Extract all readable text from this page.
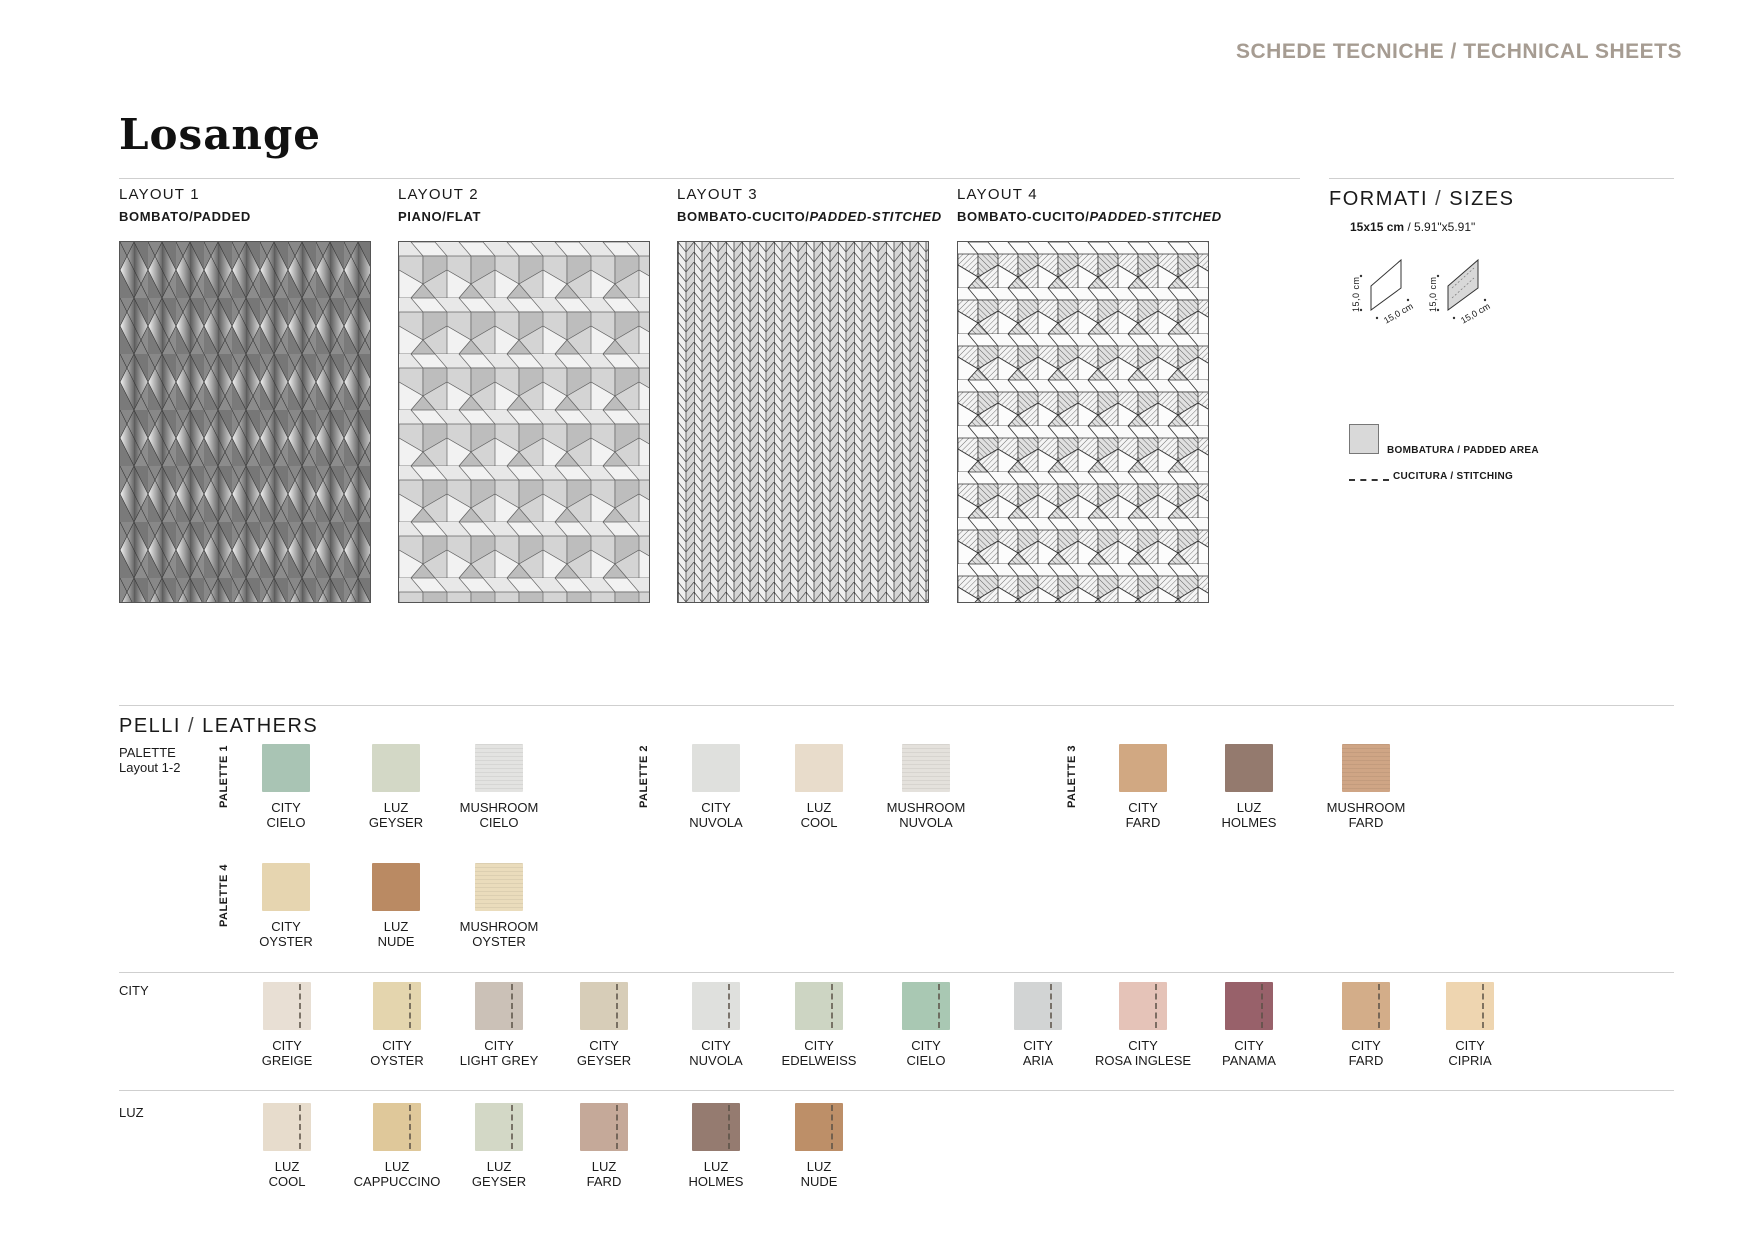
SCHEDE TECNICHE / TECHNICAL SHEETS
Losange
LAYOUT 1
BOMBATO/PADDED
LAYOUT 2
PIANO/FLAT
LAYOUT 3
BOMBATO-CUCITO/PADDED-STITCHED
LAYOUT 4
BOMBATO-CUCITO/PADDED-STITCHED
FORMATI / SIZES
15x15 cm / 5.91"x5.91"
15,0 cm
15,0 cm
15,0 cm
15,0 cm
BOMBATURA / PADDED AREA
CUCITURA / STITCHING
PELLI / LEATHERS
PALETTE
Layout 1-2	PALETTE 1	PALETTE 2	PALETTE 3
PALETTE 4
CITY
CIELO
LUZ
GEYSER
MUSHROOM
CIELO
CITY
NUVOLA
LUZ
COOL
MUSHROOM
NUVOLA
CITY
FARD
LUZ
HOLMES
MUSHROOM
FARD
CITY
OYSTER
LUZ
NUDE
MUSHROOM
OYSTER
CITY
CITY
GREIGE
CITY
OYSTER
CITY
LIGHT GREY
CITY
GEYSER
CITY
NUVOLA
CITY
EDELWEISS
CITY
CIELO
CITY
ARIA
CITY
ROSA INGLESE
CITY
PANAMA
CITY
FARD
CITY
CIPRIA
LUZ
LUZ
COOL
LUZ
CAPPUCCINO
LUZ
GEYSER
LUZ
FARD
LUZ
HOLMES
LUZ
NUDE
